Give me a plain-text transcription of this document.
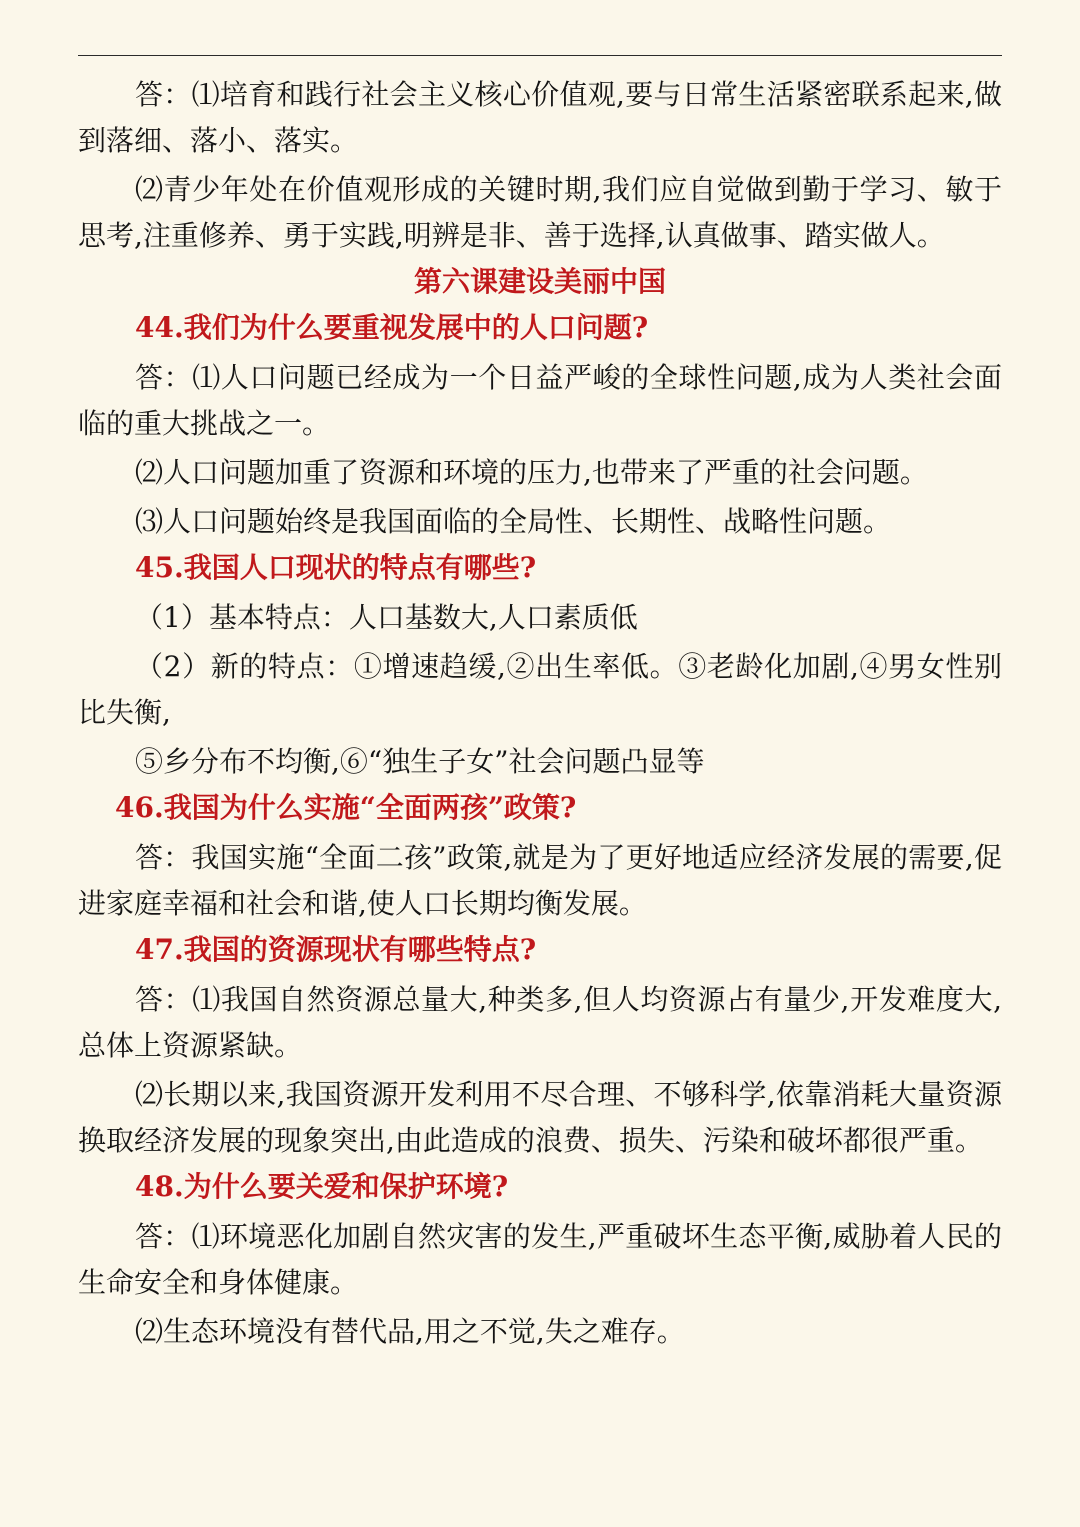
答：⑴培育和践行社会主义核心价值观,要与日常生活紧密联系起来,做到落细、落小、落实。

⑵青少年处在价值观形成的关键时期,我们应自觉做到勤于学习、敏于思考,注重修养、勇于实践,明辨是非、善于选择,认真做事、踏实做人。

第六课建设美丽中国

44.我们为什么要重视发展中的人口问题?

答：⑴人口问题已经成为一个日益严峻的全球性问题,成为人类社会面临的重大挑战之一。

⑵人口问题加重了资源和环境的压力,也带来了严重的社会问题。

⑶人口问题始终是我国面临的全局性、长期性、战略性问题。

45.我国人口现状的特点有哪些?

（1）基本特点：人口基数大,人口素质低

（2）新的特点：①增速趋缓,②出生率低。③老龄化加剧,④男女性别比失衡,

⑤乡分布不均衡,⑥“独生子女”社会问题凸显等

46.我国为什么实施“全面两孩”政策?

答：我国实施“全面二孩”政策,就是为了更好地适应经济发展的需要,促进家庭幸福和社会和谐,使人口长期均衡发展。

47.我国的资源现状有哪些特点?

答：⑴我国自然资源总量大,种类多,但人均资源占有量少,开发难度大,总体上资源紧缺。

⑵长期以来,我国资源开发利用不尽合理、不够科学,依靠消耗大量资源换取经济发展的现象突出,由此造成的浪费、损失、污染和破坏都很严重。

48.为什么要关爱和保护环境?

答：⑴环境恶化加剧自然灾害的发生,严重破坏生态平衡,威胁着人民的生命安全和身体健康。

⑵生态环境没有替代品,用之不觉,失之难存。
